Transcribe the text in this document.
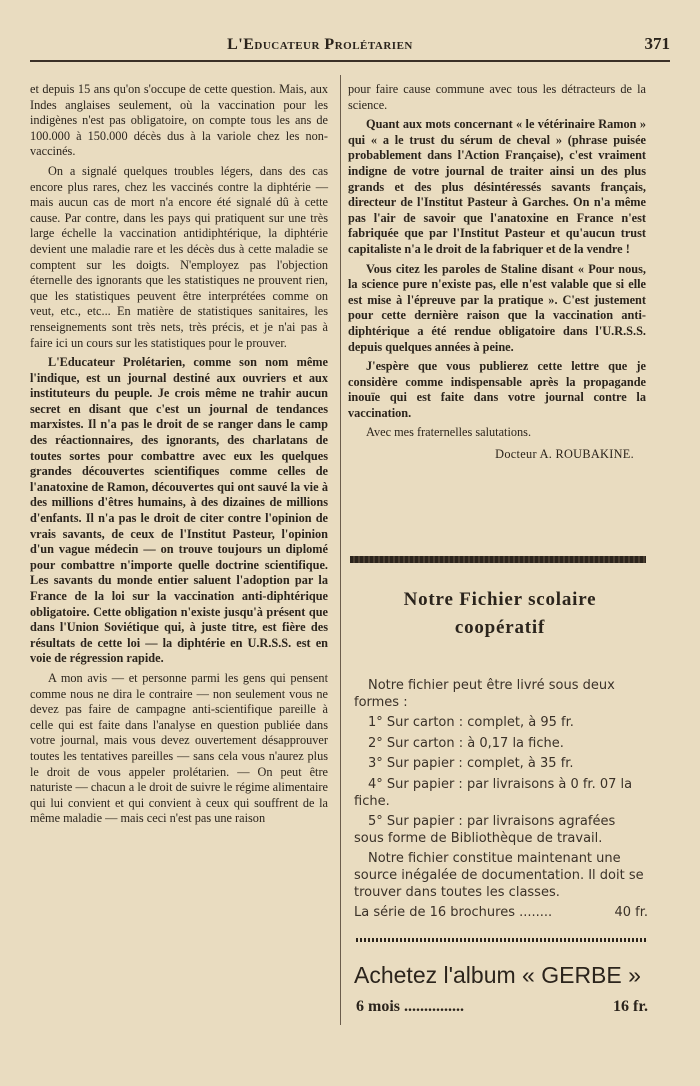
L'Educateur Prolétarien	371

et depuis 15 ans qu'on s'occupe de cette question. Mais, aux Indes anglaises seulement, où la vaccination pour les indigènes n'est pas obligatoire, on compte tous les ans de 100.000 à 150.000 décès dus à la variole chez les non-vaccinés.

On a signalé quelques troubles légers, dans des cas encore plus rares, chez les vaccinés contre la diphtérie — mais aucun cas de mort n'a encore été signalé dû à cette cause. Par contre, dans les pays qui pratiquent sur une très large échelle la vaccination antidiphtérique, la diphtérie devient une maladie rare et les décès dus à cette maladie se comptent sur les doigts. N'employez pas l'objection éternelle des ignorants que les statistiques ne prouvent rien, que les statistiques peuvent être interprétées comme on veut, etc., etc... En matière de statistiques sanitaires, les renseignements sont très nets, très précis, et je n'ai pas à faire ici un cours sur les statistiques pour le prouver.

L'Educateur Prolétarien, comme son nom même l'indique, est un journal destiné aux ouvriers et aux instituteurs du peuple. Je crois même ne trahir aucun secret en disant que c'est un journal de tendances marxistes. Il n'a pas le droit de se ranger dans le camp des réactionnaires, des ignorants, des charlatans de toutes sortes pour combattre avec eux les quelques grandes découvertes scientifiques comme celles de l'anatoxine de Ramon, découvertes qui ont sauvé la vie à des millions d'êtres humains, à des dizaines de millions d'enfants. Il n'a pas le droit de citer contre l'opinion de vrais savants, de ceux de l'Institut Pasteur, l'opinion d'un vague médecin — on trouve toujours un diplomé pour combattre n'importe quelle doctrine scientifique. Les savants du monde entier saluent l'adoption par la France de la loi sur la vaccination anti-diphtérique obligatoire. Cette obligation n'existe jusqu'à présent que dans l'Union Soviétique qui, à juste titre, est fière des résultats de cette loi — la diphtérie en U.R.S.S. est en voie de régression rapide.

A mon avis — et personne parmi les gens qui pensent comme nous ne dira le contraire — non seulement vous ne devez pas faire de campagne anti-scientifique pareille à celle qui est faite dans l'analyse en question publiée dans votre journal, mais vous devez ouvertement désapprouver toutes les tentatives pareilles — sans cela vous n'aurez plus le droit de vous appeler prolétarien. — On peut être naturiste — chacun a le droit de suivre le régime alimentaire qui lui convient et qui convient à ceux qui souffrent de la même maladie — mais ceci n'est pas une raison

pour faire cause commune avec tous les détracteurs de la science.

Quant aux mots concernant « le vétérinaire Ramon » qui « a le trust du sérum de cheval » (phrase puisée probablement dans l'Action Française), c'est vraiment indigne de votre journal de traiter ainsi un des plus grands et des plus désintéressés savants français, directeur de l'Institut Pasteur à Garches. On n'a même pas l'air de savoir que l'anatoxine en France n'est fabriquée que par l'Institut Pasteur et qu'aucun trust capitaliste n'a le droit de la fabriquer et de la vendre !

Vous citez les paroles de Staline disant « Pour nous, la science pure n'existe pas, elle n'est valable que si elle est mise à l'épreuve par la pratique ». C'est justement pour cette dernière raison que la vaccination anti-diphtérique a été rendue obligatoire dans l'U.R.S.S. depuis quelques années à peine.

J'espère que vous publierez cette lettre que je considère comme indispensable après la propagande inouïe qui est faite dans votre journal contre la vaccination.

Avec mes fraternelles salutations.

Docteur A. ROUBAKINE.

Notre Fichier scolaire
coopératif

Notre fichier peut être livré sous deux formes :

1° Sur carton : complet, à 95 fr.
2° Sur carton : à 0,17 la fiche.
3° Sur papier : complet, à 35 fr.
4° Sur papier : par livraisons à 0 fr. 07 la fiche.
5° Sur papier : par livraisons agrafées sous forme de Bibliothèque de travail.

Notre fichier constitue maintenant une source inégalée de documentation. Il doit se trouver dans toutes les classes.

La série de 16 brochures ........	40 fr.
Achetez l'album « GERBE »
6 mois ...............	16 fr.
